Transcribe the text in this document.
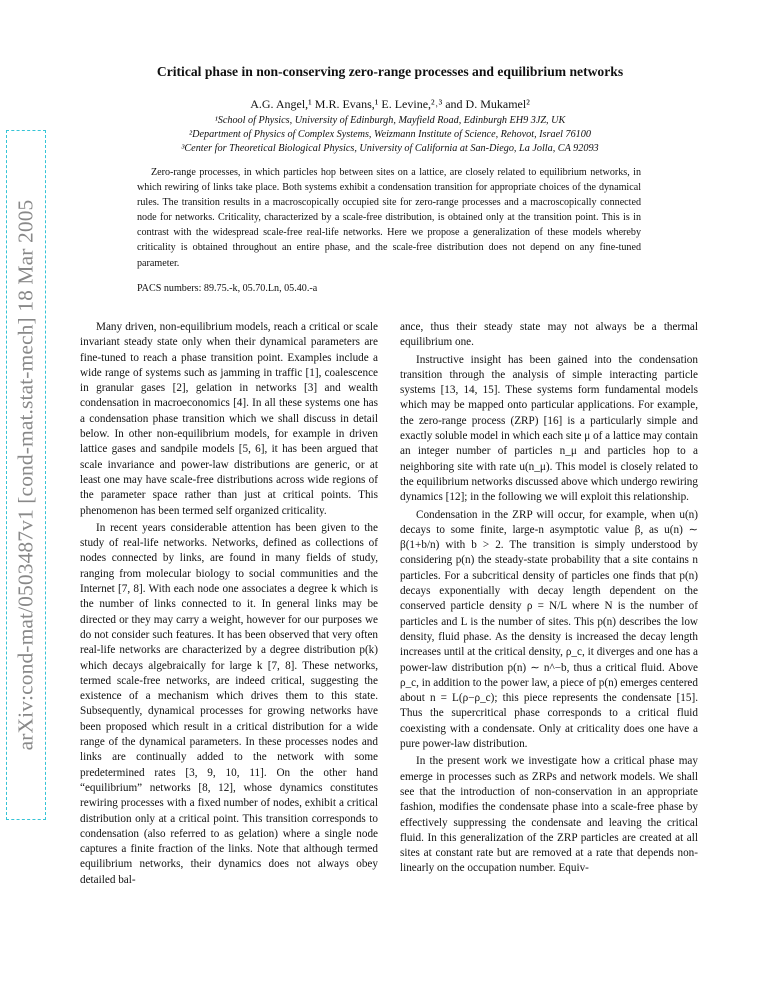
arXiv:cond-mat/0503487v1 [cond-mat.stat-mech] 18 Mar 2005
Critical phase in non-conserving zero-range processes and equilibrium networks
A.G. Angel,¹ M.R. Evans,¹ E. Levine,²˒³ and D. Mukamel²
¹School of Physics, University of Edinburgh, Mayfield Road, Edinburgh EH9 3JZ, UK
²Department of Physics of Complex Systems, Weizmann Institute of Science, Rehovot, Israel 76100
³Center for Theoretical Biological Physics, University of California at San-Diego, La Jolla, CA 92093
Zero-range processes, in which particles hop between sites on a lattice, are closely related to equilibrium networks, in which rewiring of links take place. Both systems exhibit a condensation transition for appropriate choices of the dynamical rules. The transition results in a macroscopically occupied site for zero-range processes and a macroscopically connected node for networks. Criticality, characterized by a scale-free distribution, is obtained only at the transition point. This is in contrast with the widespread scale-free real-life networks. Here we propose a generalization of these models whereby criticality is obtained throughout an entire phase, and the scale-free distribution does not depend on any fine-tuned parameter.
PACS numbers: 89.75.-k, 05.70.Ln, 05.40.-a

Many driven, non-equilibrium models, reach a critical or scale invariant steady state only when their dynamical parameters are fine-tuned to reach a phase transition point. Examples include a wide range of systems such as jamming in traffic [1], coalescence in granular gases [2], gelation in networks [3] and wealth condensation in macroeconomics [4]. In all these systems one has a condensation phase transition which we shall discuss in detail below. In other non-equilibrium models, for example in driven lattice gases and sandpile models [5, 6], it has been argued that scale invariance and power-law distributions are generic, or at least one may have scale-free distributions across wide regions of the parameter space rather than just at critical points. This phenomenon has been termed self organized criticality.

In recent years considerable attention has been given to the study of real-life networks. Networks, defined as collections of nodes connected by links, are found in many fields of study, ranging from molecular biology to social communities and the Internet [7, 8]. With each node one associates a degree k which is the number of links connected to it. In general links may be directed or they may carry a weight, however for our purposes we do not consider such features. It has been observed that very often real-life networks are characterized by a degree distribution p(k) which decays algebraically for large k [7, 8]. These networks, termed scale-free networks, are indeed critical, suggesting the existence of a mechanism which drives them to this state. Subsequently, dynamical processes for growing networks have been proposed which result in a critical distribution for a wide range of the dynamical parameters. In these processes nodes and links are continually added to the network with some predetermined rates [3, 9, 10, 11]. On the other hand “equilibrium” networks [8, 12], whose dynamics constitutes rewiring processes with a fixed number of nodes, exhibit a critical distribution only at a critical point. This transition corresponds to condensation (also referred to as gelation) where a single node captures a finite fraction of the links. Note that although termed equilibrium networks, their dynamics does not always obey detailed bal-

ance, thus their steady state may not always be a thermal equilibrium one.

Instructive insight has been gained into the condensation transition through the analysis of simple interacting particle systems [13, 14, 15]. These systems form fundamental models which may be mapped onto particular applications. For example, the zero-range process (ZRP) [16] is a particularly simple and exactly soluble model in which each site μ of a lattice may contain an integer number of particles n_μ and particles hop to a neighboring site with rate u(n_μ). This model is closely related to the equilibrium networks discussed above which undergo rewiring dynamics [12]; in the following we will exploit this relationship.

Condensation in the ZRP will occur, for example, when u(n) decays to some finite, large-n asymptotic value β, as u(n) ∼ β(1+b/n) with b > 2. The transition is simply understood by considering p(n) the steady-state probability that a site contains n particles. For a subcritical density of particles one finds that p(n) decays exponentially with decay length dependent on the conserved particle density ρ = N/L where N is the number of particles and L is the number of sites. This p(n) describes the low density, fluid phase. As the density is increased the decay length increases until at the critical density, ρ_c, it diverges and one has a power-law distribution p(n) ∼ n^−b, thus a critical fluid. Above ρ_c, in addition to the power law, a piece of p(n) emerges centered about n = L(ρ−ρ_c); this piece represents the condensate [15]. Thus the supercritical phase corresponds to a critical fluid coexisting with a condensate. Only at criticality does one have a pure power-law distribution.

In the present work we investigate how a critical phase may emerge in processes such as ZRPs and network models. We shall see that the introduction of non-conservation in an appropriate fashion, modifies the condensate phase into a scale-free phase by effectively suppressing the condensate and leaving the critical fluid. In this generalization of the ZRP particles are created at all sites at constant rate but are removed at a rate that depends non-linearly on the occupation number. Equiv-
